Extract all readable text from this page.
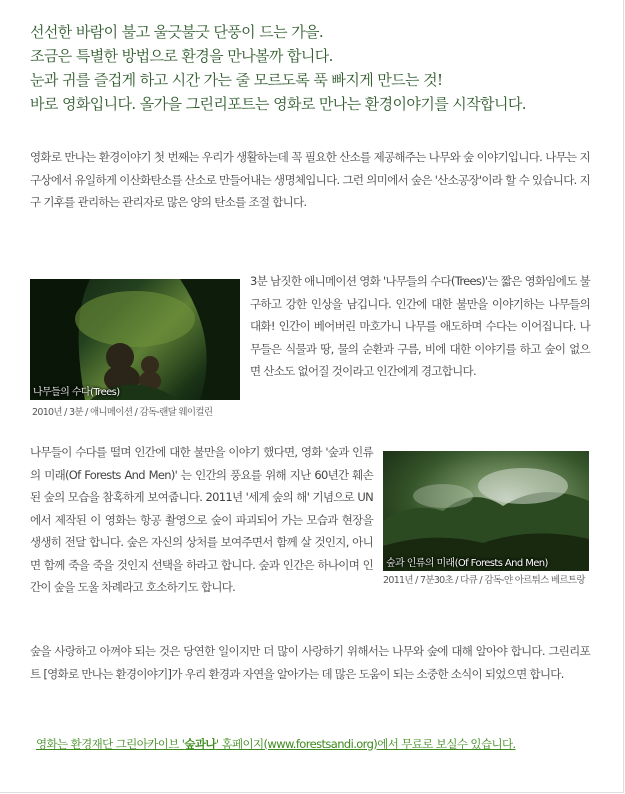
선선한 바람이 불고 울긋불긋 단풍이 드는 가을.
조금은 특별한 방법으로 환경을 만나볼까 합니다.
눈과 귀를 즐겁게 하고 시간 가는 줄 모르도록 푹 빠지게 만드는 것!
바로 영화입니다. 올가을 그린리포트는 영화로 만나는 환경이야기를 시작합니다.
영화로 만나는 환경이야기 첫 번째는 우리가 생활하는데 꼭 필요한 산소를 제공해주는 나무와 숲 이야기입니다. 나무는 지구상에서 유일하게 이산화탄소를 산소로 만들어내는 생명체입니다. 그런 의미에서 숲은 '산소공장'이라 할 수 있습니다. 지구 기후를 관리하는 관리자로 많은 양의 탄소를 조절 합니다.
나무들의 수다(Trees)
2010년 / 3분 / 애니메이션 / 감독-랜달 웨이컬린
3분 남짓한 애니메이션 영화 '나무들의 수다(Trees)'는 짧은 영화임에도 불구하고 강한 인상을 남깁니다. 인간에 대한 불만을 이야기하는 나무들의 대화! 인간이 베어버린 마호가니 나무를 애도하며 수다는 이어집니다. 나무들은 식물과 땅, 물의 순환과 구름, 비에 대한 이야기를 하고 숲이 없으면 산소도 없어질 것이라고 인간에게 경고합니다.
나무들이 수다를 떨며 인간에 대한 불만을 이야기 했다면, 영화 '숲과 인류의 미래(Of Forests And Men)' 는 인간의 풍요를 위해 지난 60년간 훼손된 숲의 모습을 참혹하게 보여줍니다. 2011년 '세계 숲의 해' 기념으로 UN에서 제작된 이 영화는 항공 촬영으로 숲이 파괴되어 가는 모습과 현장을 생생히 전달 합니다. 숲은 자신의 상처를 보여주면서 함께 살 것인지, 아니면 함께 죽을 죽을 것인지 선택을 하라고 합니다. 숲과 인간은 하나이며 인간이 숲을 도울 차례라고 호소하기도 합니다.
숲과 인류의 미래(Of Forests And Men)
2011년 / 7분30초 / 다큐 / 감독-얀 아르튀스 베르트랑
숲을 사랑하고 아껴야 되는 것은 당연한 일이지만 더 많이 사랑하기 위해서는 나무와 숲에 대해 알아야 합니다. 그린리포트 [영화로 만나는 환경이야기]가 우리 환경과 자연을 알아가는 데 많은 도움이 되는 소중한 소식이 되었으면 합니다.
영화는 환경재단 그린아카이브 '숲과나' 홈페이지(www.forestsandi.org)에서 무료로 보실수 있습니다.
